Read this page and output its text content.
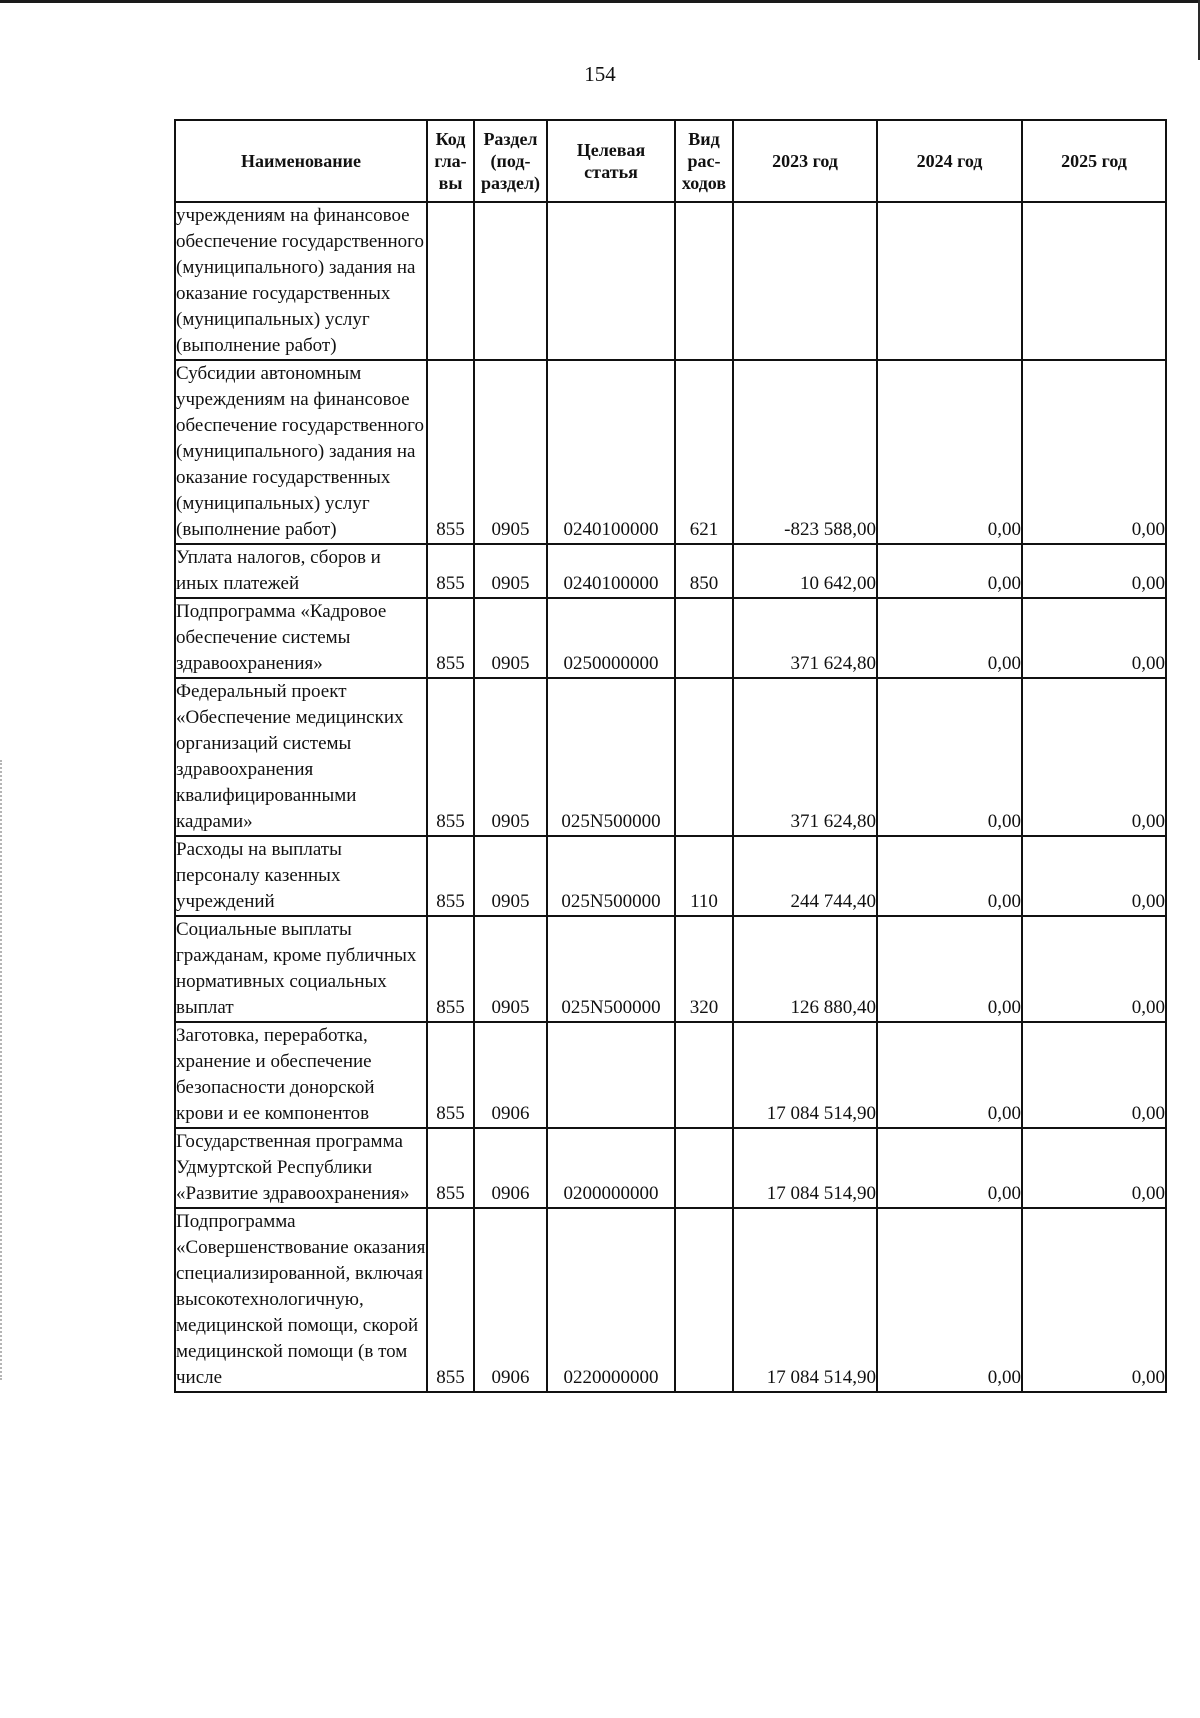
154
Наименование	Код гла-вы	Раздел (под-раздел)	Целевая статья	Вид рас-ходов	2023 год	2024 год	2025 год
учреждениям на финансовое обеспечение государственного (муниципального) задания на оказание государственных (муниципальных) услуг (выполнение работ)							
Субсидии автономным учреждениям на финансовое обеспечение государственного (муниципального) задания на оказание государственных (муниципальных) услуг (выполнение работ)	855	0905	0240100000	621	-823 588,00	0,00	0,00
Уплата налогов, сборов и иных платежей	855	0905	0240100000	850	10 642,00	0,00	0,00
Подпрограмма «Кадровое обеспечение системы здравоохранения»	855	0905	0250000000		371 624,80	0,00	0,00
Федеральный проект «Обеспечение медицинских организаций системы здравоохранения квалифицированными кадрами»	855	0905	025N500000		371 624,80	0,00	0,00
Расходы на выплаты персоналу казенных учреждений	855	0905	025N500000	110	244 744,40	0,00	0,00
Социальные выплаты гражданам, кроме публичных нормативных социальных выплат	855	0905	025N500000	320	126 880,40	0,00	0,00
Заготовка, переработка, хранение и обеспечение безопасности донорской крови и ее компонентов	855	0906			17 084 514,90	0,00	0,00
Государственная программа Удмуртской Республики «Развитие здравоохранения»	855	0906	0200000000		17 084 514,90	0,00	0,00
Подпрограмма «Совершенствование оказания специализированной, включая высокотехнологичную, медицинской помощи, скорой медицинской помощи (в том числе	855	0906	0220000000		17 084 514,90	0,00	0,00
